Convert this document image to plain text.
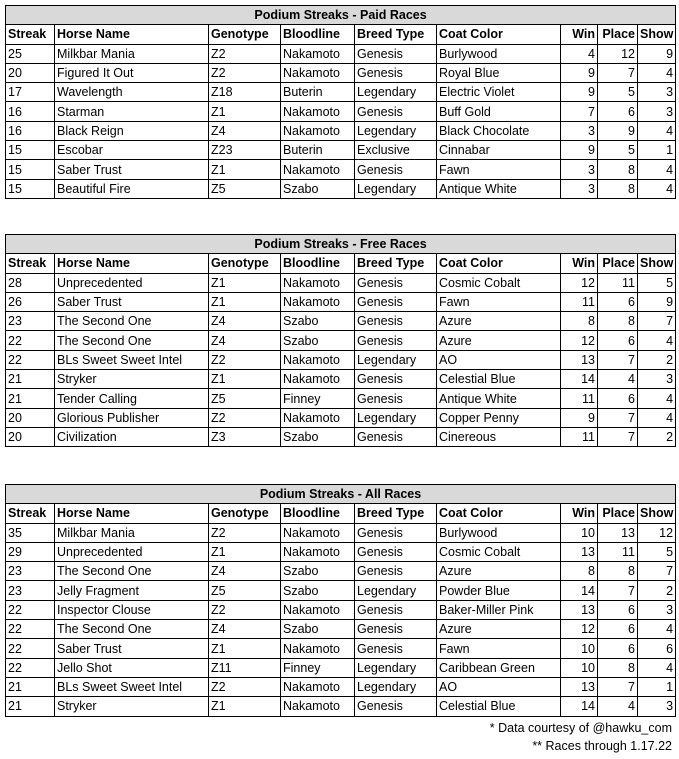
Podium Streaks - Paid Races								
Streak	Horse Name	Genotype	Bloodline	Breed Type	Coat Color	Win	Place	Show
25	Milkbar Mania	Z2	Nakamoto	Genesis	Burlywood	4	12	9
20	Figured It Out	Z2	Nakamoto	Genesis	Royal Blue	9	7	4
17	Wavelength	Z18	Buterin	Legendary	Electric Violet	9	5	3
16	Starman	Z1	Nakamoto	Genesis	Buff Gold	7	6	3
16	Black Reign	Z4	Nakamoto	Legendary	Black Chocolate	3	9	4
15	Escobar	Z23	Buterin	Exclusive	Cinnabar	9	5	1
15	Saber Trust	Z1	Nakamoto	Genesis	Fawn	3	8	4
15	Beautiful Fire	Z5	Szabo	Legendary	Antique White	3	8	4
Podium Streaks - Free Races								
Streak	Horse Name	Genotype	Bloodline	Breed Type	Coat Color	Win	Place	Show
28	Unprecedented	Z1	Nakamoto	Genesis	Cosmic Cobalt	12	11	5
26	Saber Trust	Z1	Nakamoto	Genesis	Fawn	11	6	9
23	The Second One	Z4	Szabo	Genesis	Azure	8	8	7
22	The Second One	Z4	Szabo	Genesis	Azure	12	6	4
22	BLs Sweet Sweet Intel	Z2	Nakamoto	Legendary	AO	13	7	2
21	Stryker	Z1	Nakamoto	Genesis	Celestial Blue	14	4	3
21	Tender Calling	Z5	Finney	Genesis	Antique White	11	6	4
20	Glorious Publisher	Z2	Nakamoto	Legendary	Copper Penny	9	7	4
20	Civilization	Z3	Szabo	Genesis	Cinereous	11	7	2
Podium Streaks - All Races								
Streak	Horse Name	Genotype	Bloodline	Breed Type	Coat Color	Win	Place	Show
35	Milkbar Mania	Z2	Nakamoto	Genesis	Burlywood	10	13	12
29	Unprecedented	Z1	Nakamoto	Genesis	Cosmic Cobalt	13	11	5
23	The Second One	Z4	Szabo	Genesis	Azure	8	8	7
23	Jelly Fragment	Z5	Szabo	Legendary	Powder Blue	14	7	2
22	Inspector Clouse	Z2	Nakamoto	Genesis	Baker-Miller Pink	13	6	3
22	The Second One	Z4	Szabo	Genesis	Azure	12	6	4
22	Saber Trust	Z1	Nakamoto	Genesis	Fawn	10	6	6
22	Jello Shot	Z11	Finney	Legendary	Caribbean Green	10	8	4
21	BLs Sweet Sweet Intel	Z2	Nakamoto	Legendary	AO	13	7	1
21	Stryker	Z1	Nakamoto	Genesis	Celestial Blue	14	4	3
* Data courtesy of @hawku_com
** Races through 1.17.22
